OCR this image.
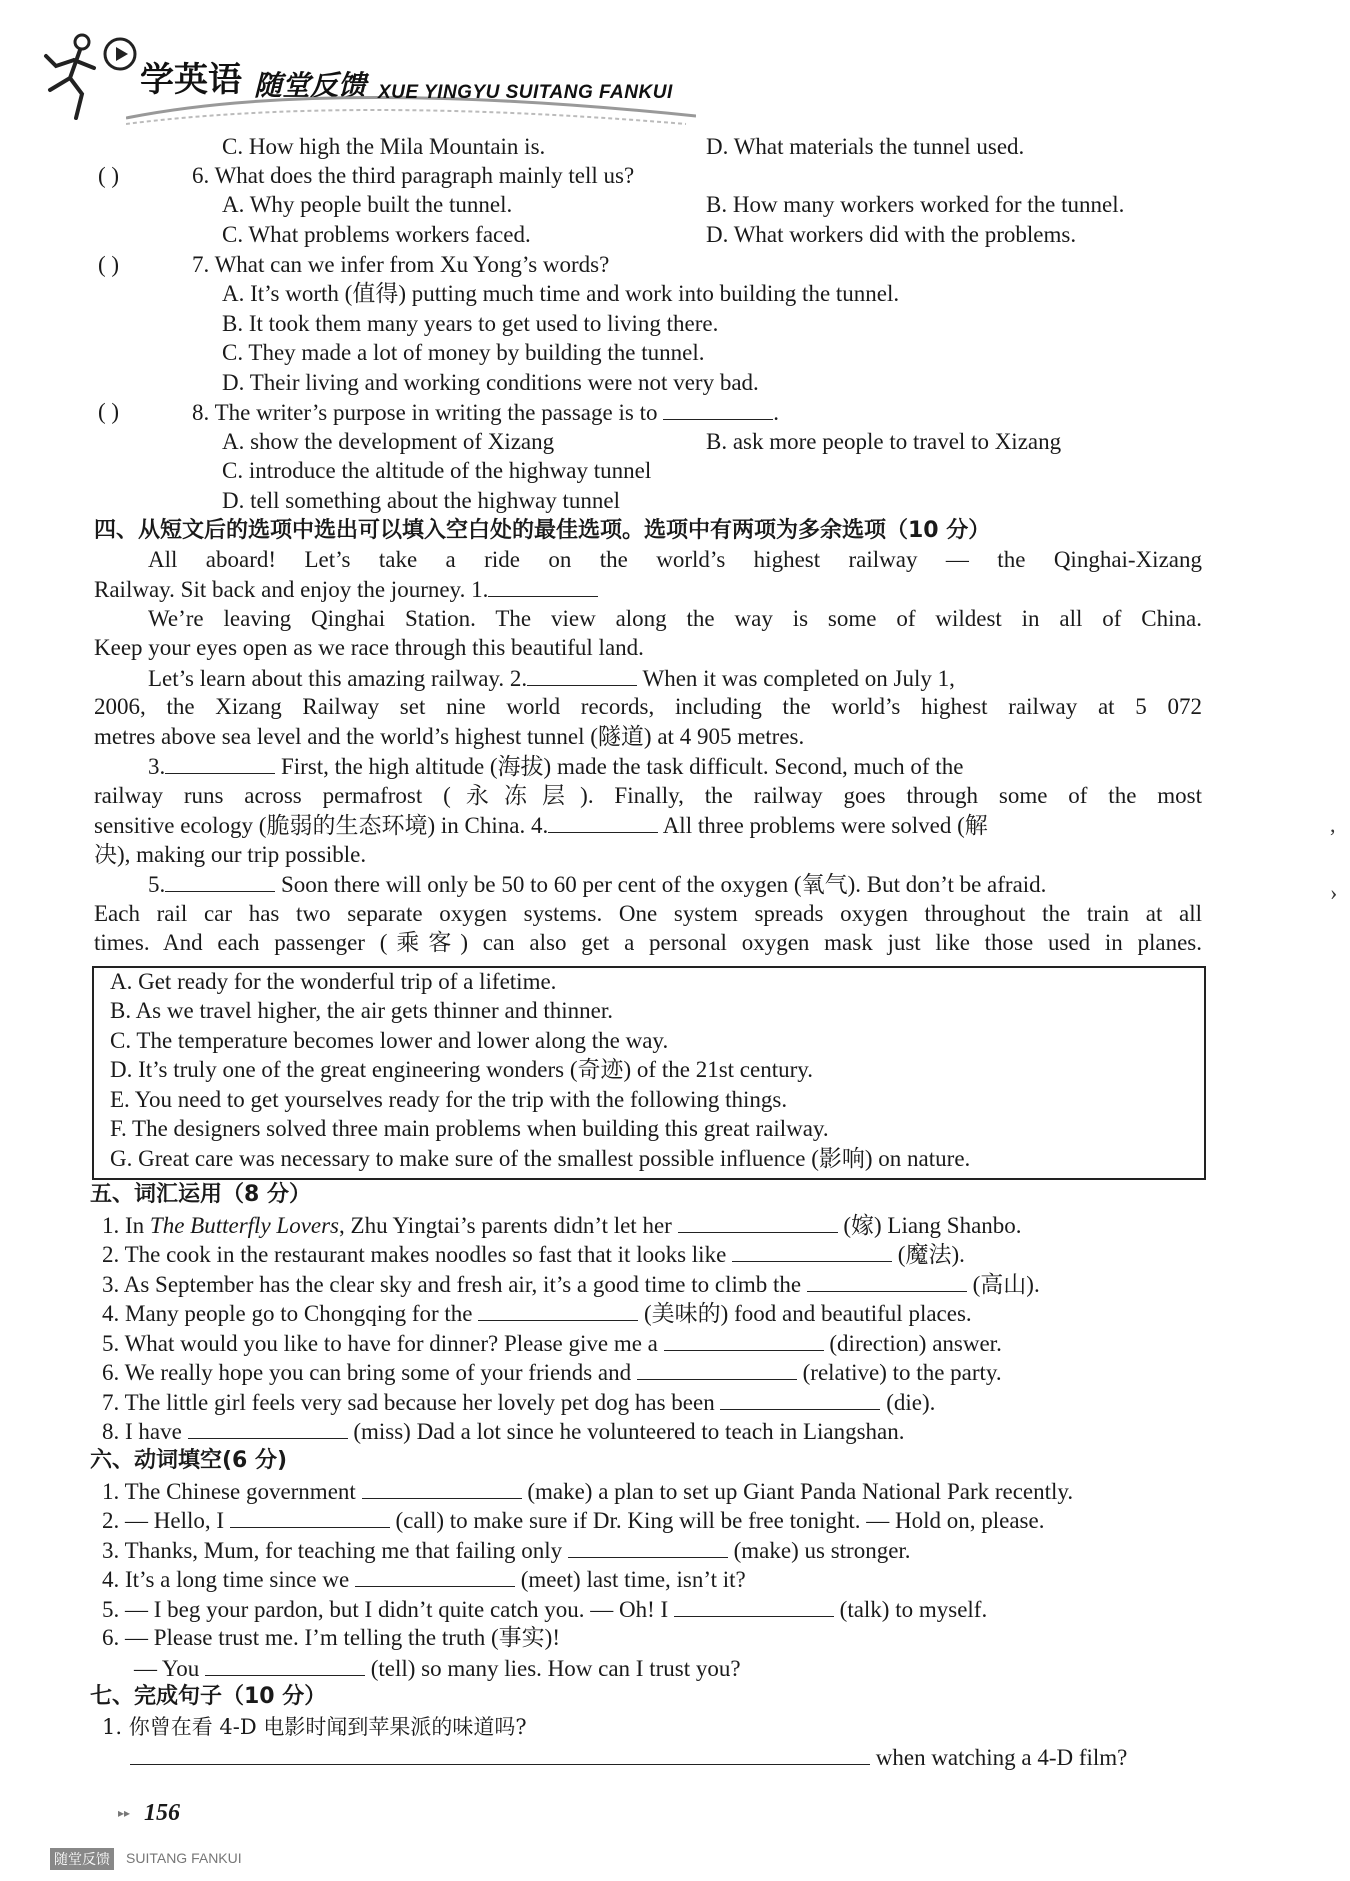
学英语 随堂反馈 XUE YINGYU SUITANG FANKUI
C. How high the Mila Mountain is.	D. What materials the tunnel used.
( )	6. What does the third paragraph mainly tell us?
A. Why people built the tunnel.	B. How many workers worked for the tunnel.
C. What problems workers faced.	D. What workers did with the problems.
( )	7. What can we infer from Xu Yong’s words?
A. It’s worth (值得) putting much time and work into building the tunnel.
B. It took them many years to get used to living there.
C. They made a lot of money by building the tunnel.
D. Their living and working conditions were not very bad.
( )	8. The writer’s purpose in writing the passage is to	.
A. show the development of Xizang	B. ask more people to travel to Xizang
C. introduce the altitude of the highway tunnel
D. tell something about the highway tunnel
四、从短文后的选项中选出可以填入空白处的最佳选项。选项中有两项为多余选项（10 分）
All aboard! Let’s take a ride on the world’s highest railway — the Qinghai-Xizang
Railway. Sit back and enjoy the journey. 1.
We’re leaving Qinghai Station. The view along the way is some of wildest in all of China.
Keep your eyes open as we race through this beautiful land.
Let’s learn about this amazing railway. 2.	When it was completed on July 1,
2006, the Xizang Railway set nine world records, including the world’s highest railway at 5 072
metres above sea level and the world’s highest tunnel (隧道) at 4 905 metres.
3.	First, the high altitude (海拔) made the task difficult. Second, much of the
railway runs across permafrost (永冻层). Finally, the railway goes through some of the most
sensitive ecology (脆弱的生态环境) in China. 4.	All three problems were solved (解
决), making our trip possible.
5.	Soon there will only be 50 to 60 per cent of the oxygen (氧气). But don’t be afraid.
Each rail car has two separate oxygen systems. One system spreads oxygen throughout the train at all
times. And each passenger (乘客) can also get a personal oxygen mask just like those used in planes.
,
›
A. Get ready for the wonderful trip of a lifetime.
B. As we travel higher, the air gets thinner and thinner.
C. The temperature becomes lower and lower along the way.
D. It’s truly one of the great engineering wonders (奇迹) of the 21st century.
E. You need to get yourselves ready for the trip with the following things.
F. The designers solved three main problems when building this great railway.
G. Great care was necessary to make sure of the smallest possible influence (影响) on nature.
五、词汇运用（8 分）
1. In The Butterfly Lovers, Zhu Yingtai’s parents didn’t let her	(嫁) Liang Shanbo.
2. The cook in the restaurant makes noodles so fast that it looks like	(魔法).
3. As September has the clear sky and fresh air, it’s a good time to climb the	(高山).
4. Many people go to Chongqing for the	(美味的) food and beautiful places.
5. What would you like to have for dinner? Please give me a	(direction) answer.
6. We really hope you can bring some of your friends and	(relative) to the party.
7. The little girl feels very sad because her lovely pet dog has been	(die).
8. I have	(miss) Dad a lot since he volunteered to teach in Liangshan.
六、动词填空(6 分)
1. The Chinese government	(make) a plan to set up Giant Panda National Park recently.
2. — Hello, I	(call) to make sure if Dr. King will be free tonight. — Hold on, please.
3. Thanks, Mum, for teaching me that failing only	(make) us stronger.
4. It’s a long time since we	(meet) last time, isn’t it?
5. — I beg your pardon, but I didn’t quite catch you. — Oh! I	(talk) to myself.
6. — Please trust me. I’m telling the truth (事实)!
— You	(tell) so many lies. How can I trust you?
七、完成句子（10 分）
1. 你曾在看 4-D 电影时闻到苹果派的味道吗?
when watching a 4-D film?
▸▸ 156
随堂反馈 SUITANG FANKUI
